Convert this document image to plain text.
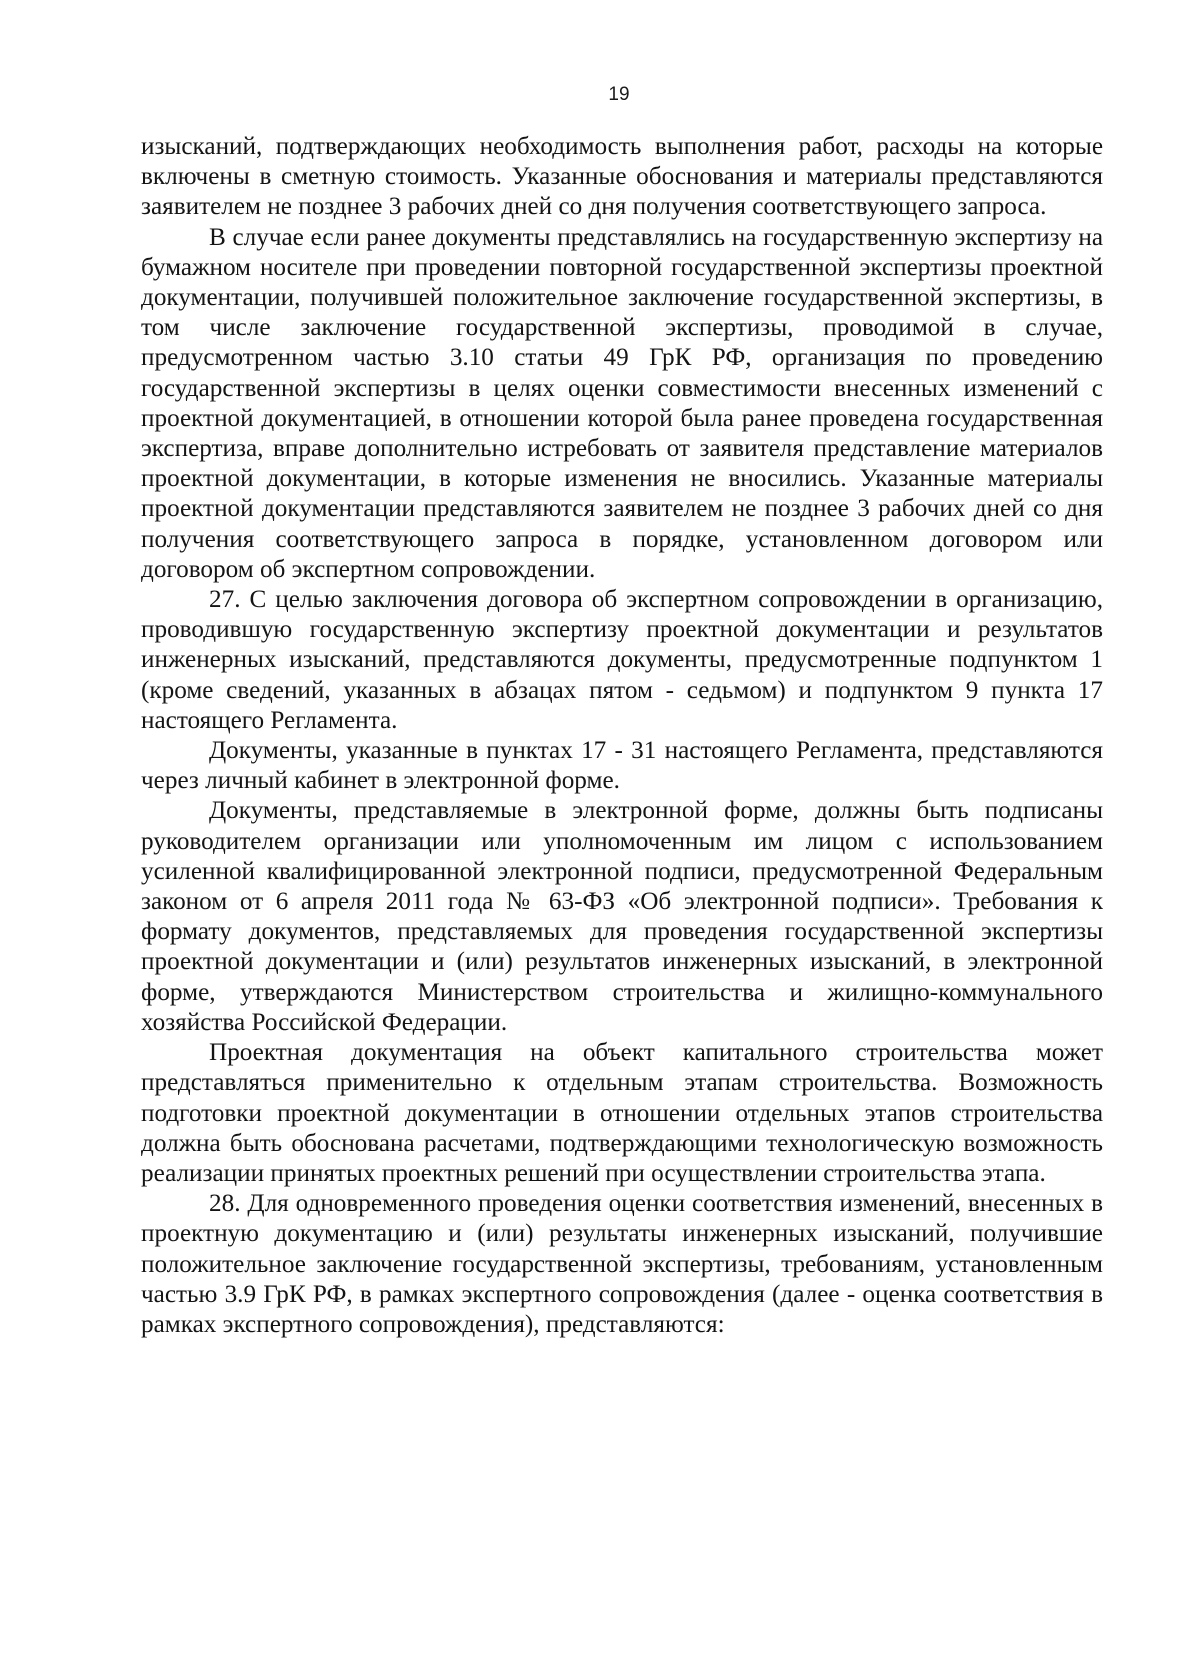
19

изысканий, подтверждающих необходимость выполнения работ, расходы на которые включены в сметную стоимость. Указанные обоснования и материалы представляются заявителем не позднее 3 рабочих дней со дня получения соответствующего запроса.

В случае если ранее документы представлялись на государственную экспертизу на бумажном носителе при проведении повторной государственной экспертизы проектной документации, получившей положительное заключение государственной экспертизы, в том числе заключение государственной экспертизы, проводимой в случае, предусмотренном частью 3.10 статьи 49 ГрК РФ, организация по проведению государственной экспертизы в целях оценки совместимости внесенных изменений с проектной документацией, в отношении которой была ранее проведена государственная экспертиза, вправе дополнительно истребовать от заявителя представление материалов проектной документации, в которые изменения не вносились. Указанные материалы проектной документации представляются заявителем не позднее 3 рабочих дней со дня получения соответствующего запроса в порядке, установленном договором или договором об экспертном сопровождении.

27. С целью заключения договора об экспертном сопровождении в организацию, проводившую государственную экспертизу проектной документации и результатов инженерных изысканий, представляются документы, предусмотренные подпунктом 1 (кроме сведений, указанных в абзацах пятом - седьмом) и подпунктом 9 пункта 17 настоящего Регламента.

Документы, указанные в пунктах 17 - 31 настоящего Регламента, представляются через личный кабинет в электронной форме.

Документы, представляемые в электронной форме, должны быть подписаны руководителем организации или уполномоченным им лицом с использованием усиленной квалифицированной электронной подписи, предусмотренной Федеральным законом от 6 апреля 2011 года № 63-ФЗ «Об электронной подписи». Требования к формату документов, представляемых для проведения государственной экспертизы проектной документации и (или) результатов инженерных изысканий, в электронной форме, утверждаются Министерством строительства и жилищно-коммунального хозяйства Российской Федерации.

Проектная документация на объект капитального строительства может представляться применительно к отдельным этапам строительства. Возможность подготовки проектной документации в отношении отдельных этапов строительства должна быть обоснована расчетами, подтверждающими технологическую возможность реализации принятых проектных решений при осуществлении строительства этапа.

28. Для одновременного проведения оценки соответствия изменений, внесенных в проектную документацию и (или) результаты инженерных изысканий, получившие положительное заключение государственной экспертизы, требованиям, установленным частью 3.9 ГрК РФ, в рамках экспертного сопровождения (далее - оценка соответствия в рамках экспертного сопровождения), представляются:
